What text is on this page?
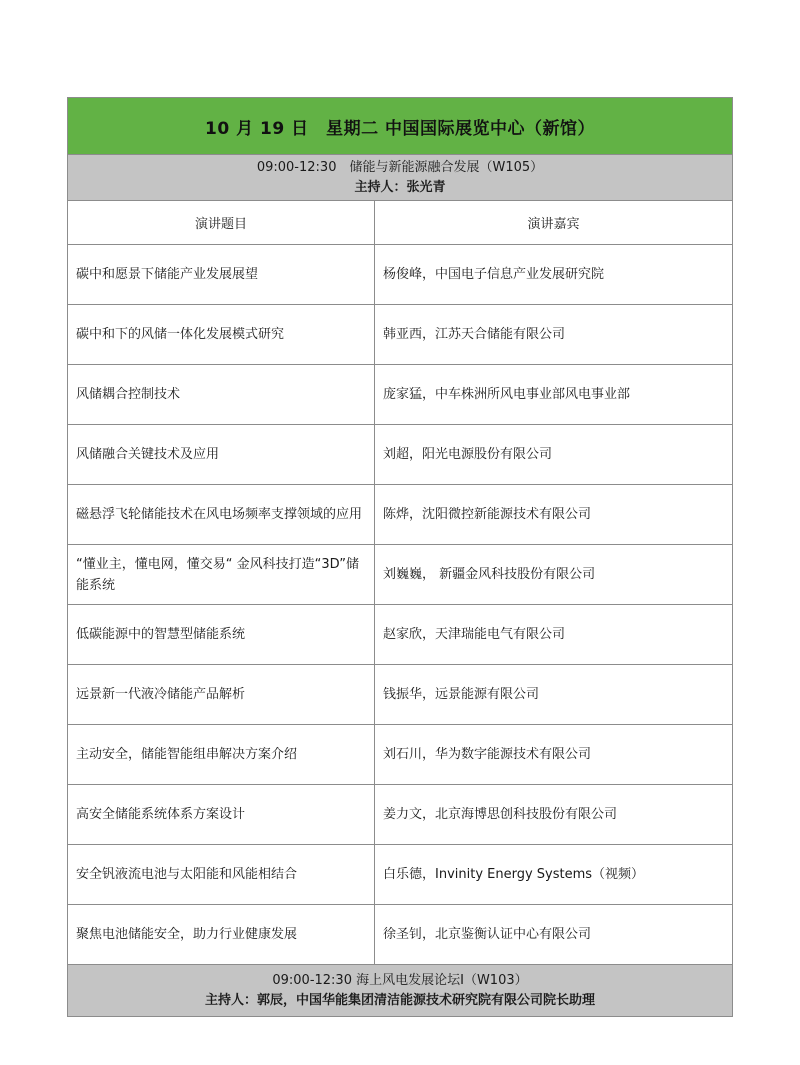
10 月 19 日　星期二 中国国际展览中心（新馆）	

09:00-12:30　储能与新能源融合发展（W105）
主持人：张光青	

演讲题目	演讲嘉宾
碳中和愿景下储能产业发展展望	杨俊峰，中国电子信息产业发展研究院
碳中和下的风储一体化发展模式研究	韩亚西，江苏天合储能有限公司
风储耦合控制技术	庞家猛，中车株洲所风电事业部风电事业部
风储融合关键技术及应用	刘超，阳光电源股份有限公司
磁悬浮飞轮储能技术在风电场频率支撑领域的应用	陈烨，沈阳微控新能源技术有限公司
“懂业主，懂电网，懂交易“ 金风科技打造“3D”储能系统	刘巍巍， 新疆金风科技股份有限公司
低碳能源中的智慧型储能系统	赵家欣，天津瑞能电气有限公司
远景新一代液冷储能产品解析	钱振华，远景能源有限公司
主动安全，储能智能组串解决方案介绍	刘石川，华为数字能源技术有限公司
高安全储能系统体系方案设计	姜力文，北京海博思创科技股份有限公司
安全钒液流电池与太阳能和风能相结合	白乐德，Invinity Energy Systems（视频）
聚焦电池储能安全，助力行业健康发展	徐圣钊，北京鉴衡认证中心有限公司

09:00-12:30 海上风电发展论坛Ⅰ（W103）
主持人：郭辰，中国华能集团清洁能源技术研究院有限公司院长助理	
